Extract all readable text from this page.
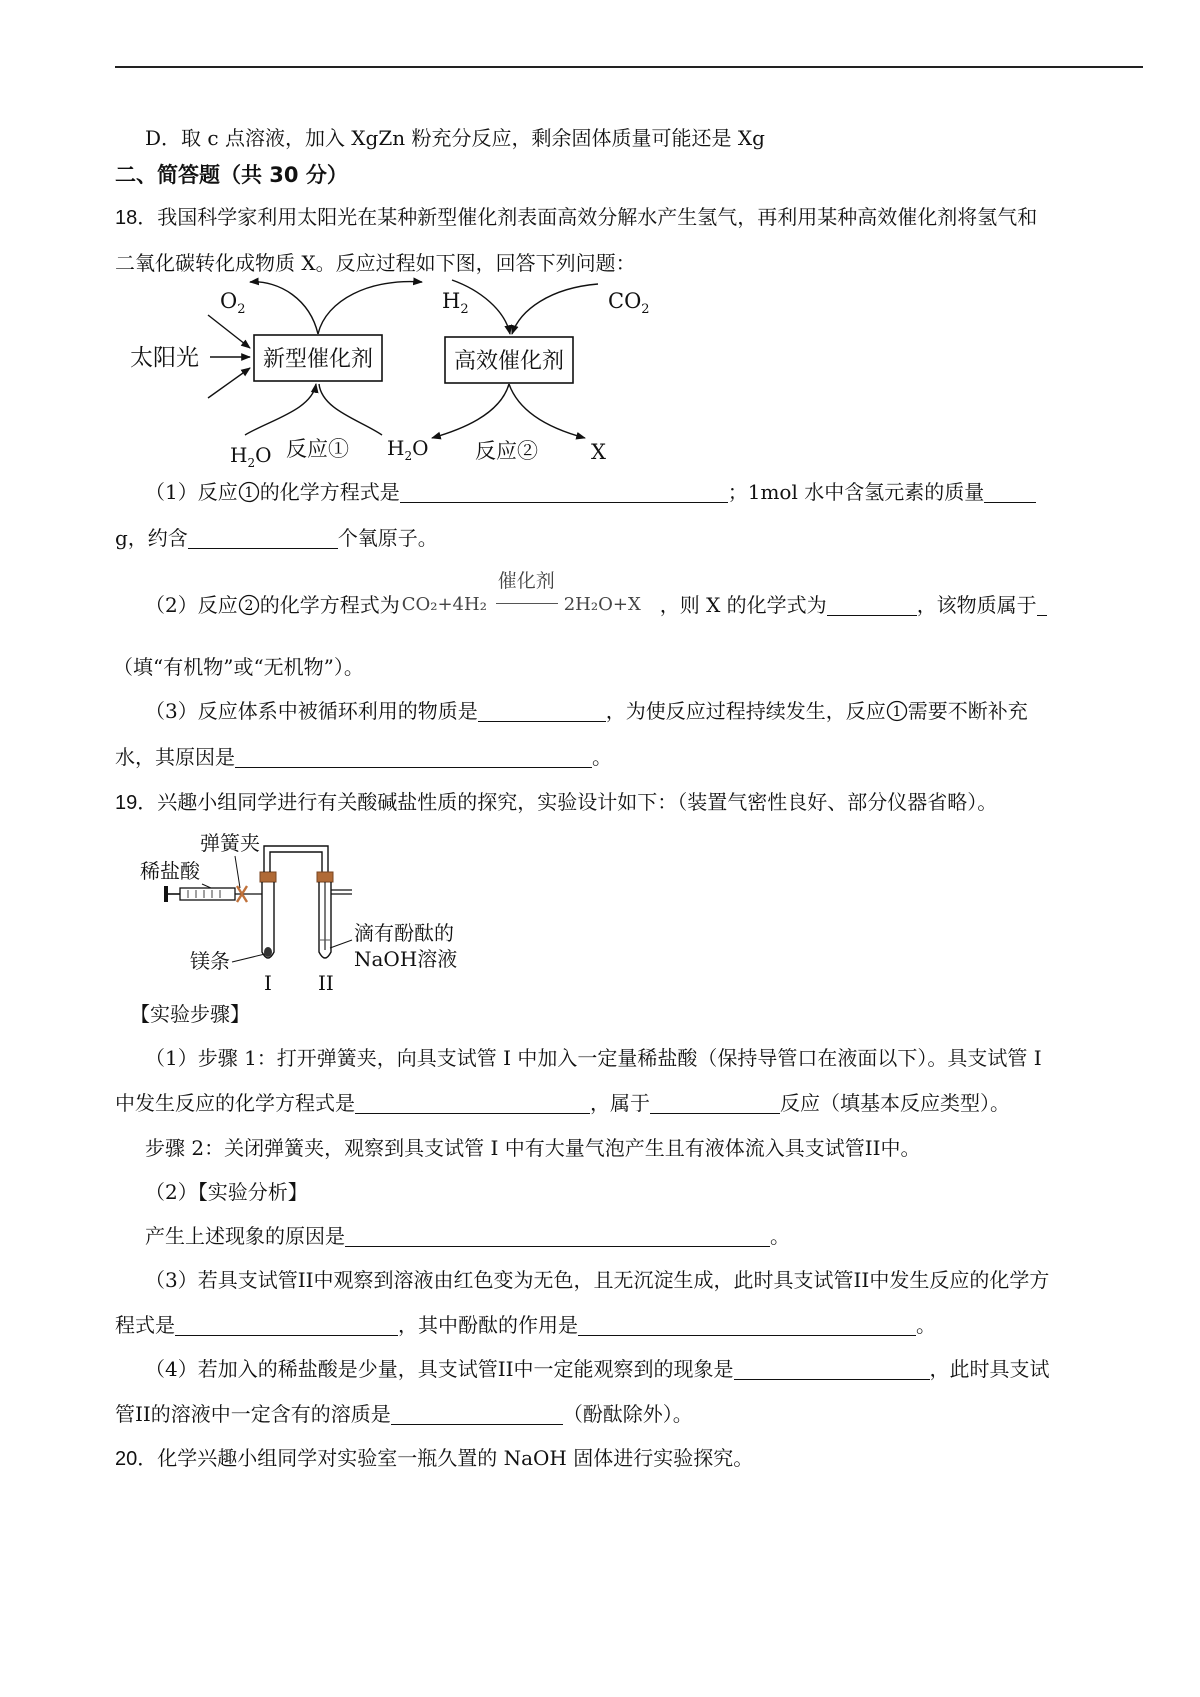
D．取 c 点溶液，加入 XgZn 粉充分反应，剩余固体质量可能还是 Xg
二、简答题（共 30 分）
18．我国科学家利用太阳光在某种新型催化剂表面高效分解水产生氢气，再利用某种高效催化剂将氢气和
二氧化碳转化成物质 X。反应过程如下图，回答下列问题：
$O_2$	$H_2$	$CO_2$
太阳光	新型催化剂	高效催化剂
$H_2O$ 反应① $H_2O$ 反应②	X
（1）反应 1 的化学方程式是	；1mol 水中含氢元素的质量
g，约含	个氧原子。
（2）反应 2 的化学方程式为 CO₂+4H₂
催化剂
2H₂O+X ，则 X 的化学式为	，该物质属于
（填“有机物”或“无机物”）。
（3）反应体系中被循环利用的物质是	，为使反应过程持续发生，反应 1 需要不断补充
水，其原因是	。
19．兴趣小组同学进行有关酸碱盐性质的探究，实验设计如下：（装置气密性良好、部分仪器省略）。
弹簧夹
稀盐酸
镁条
I II
滴有酚酞的
NaOH溶液
【实验步骤】
（1）步骤 1：打开弹簧夹，向具支试管 I 中加入一定量稀盐酸（保持导管口在液面以下）。具支试管 I
中发生反应的化学方程式是	，属于	反应（填基本反应类型）。
步骤 2：关闭弹簧夹，观察到具支试管 I 中有大量气泡产生且有液体流入具支试管II中。
（2）【实验分析】
产生上述现象的原因是	。
（3）若具支试管II中观察到溶液由红色变为无色，且无沉淀生成，此时具支试管II中发生反应的化学方
程式是	，其中酚酞的作用是	。
（4）若加入的稀盐酸是少量，具支试管II中一定能观察到的现象是	，此时具支试
管II的溶液中一定含有的溶质是	（酚酞除外）。
20．化学兴趣小组同学对实验室一瓶久置的 NaOH 固体进行实验探究。
